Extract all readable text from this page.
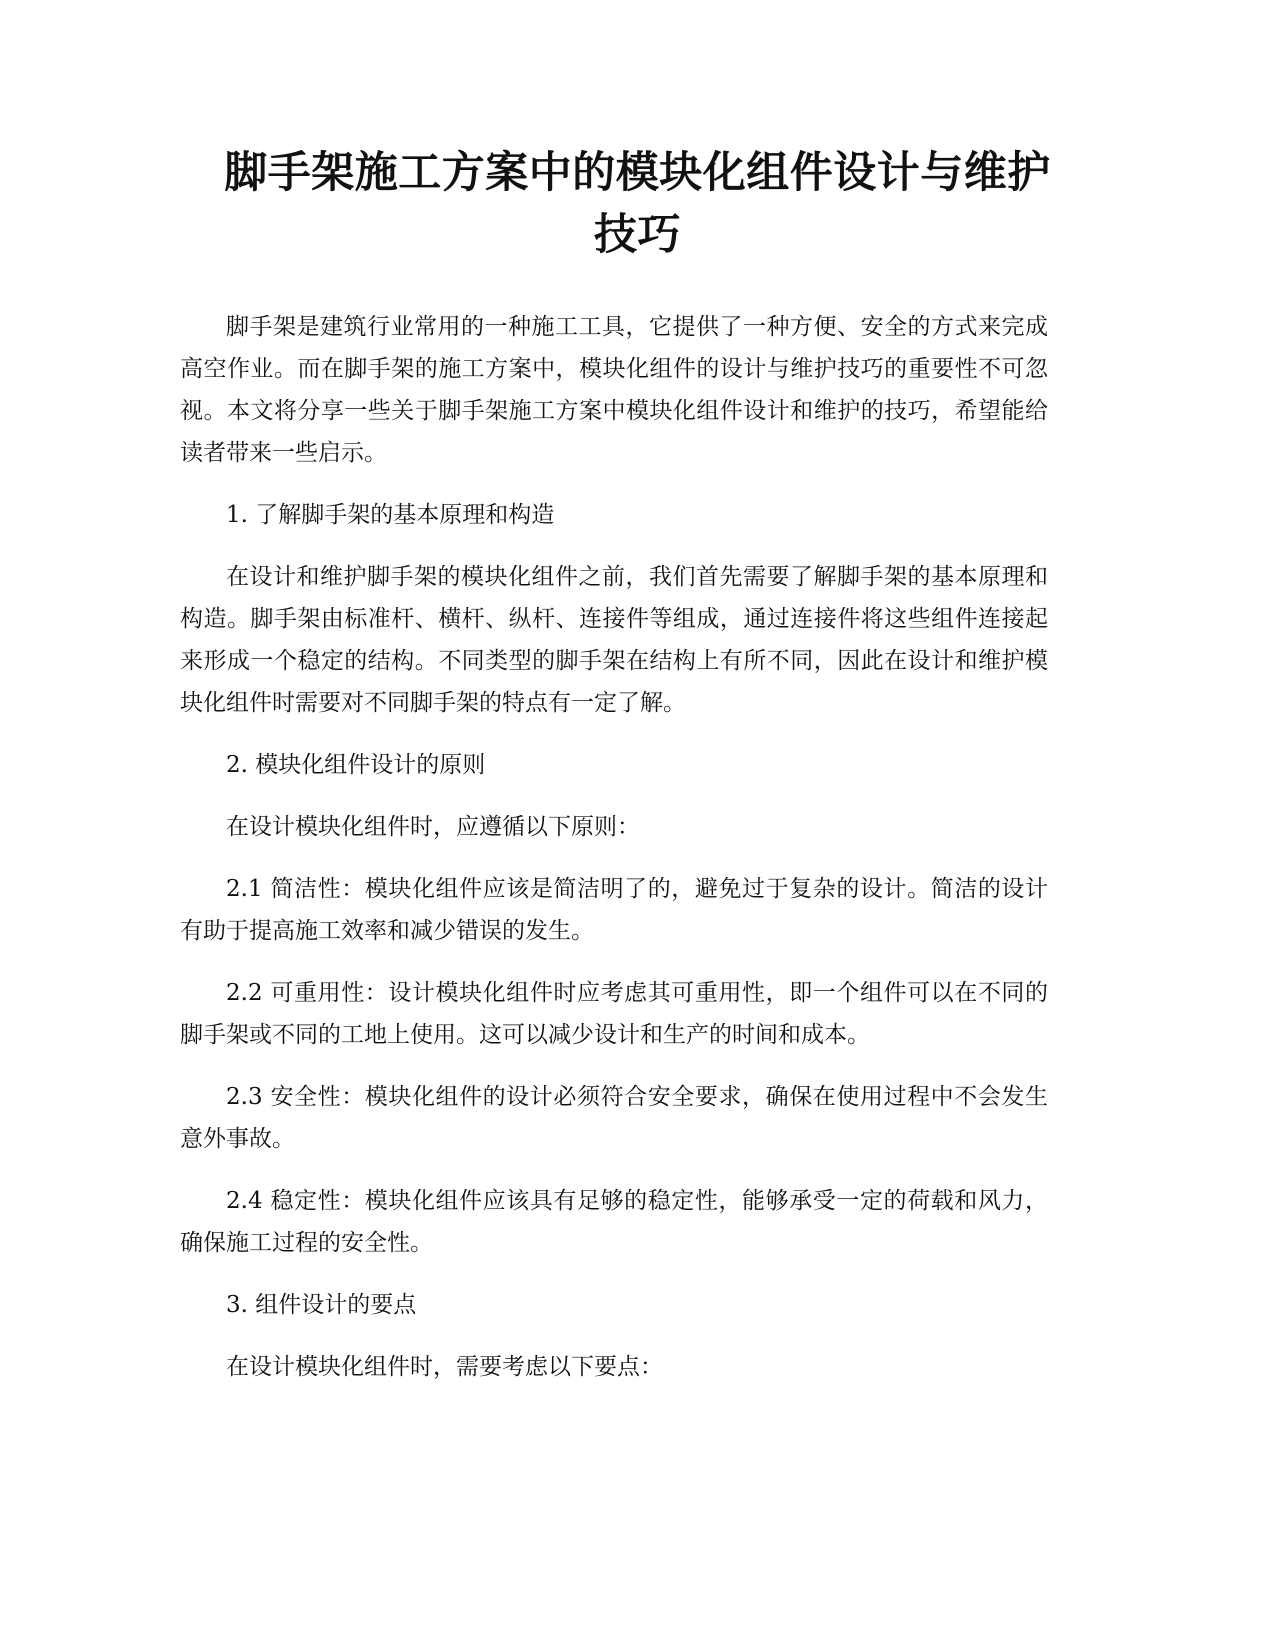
脚手架施工方案中的模块化组件设计与维护
技巧

脚手架是建筑行业常用的一种施工工具，它提供了一种方便、安全的方式来完成高空作业。而在脚手架的施工方案中，模块化组件的设计与维护技巧的重要性不可忽视。本文将分享一些关于脚手架施工方案中模块化组件设计和维护的技巧，希望能给读者带来一些启示。

1. 了解脚手架的基本原理和构造

在设计和维护脚手架的模块化组件之前，我们首先需要了解脚手架的基本原理和构造。脚手架由标准杆、横杆、纵杆、连接件等组成，通过连接件将这些组件连接起来形成一个稳定的结构。不同类型的脚手架在结构上有所不同，因此在设计和维护模块化组件时需要对不同脚手架的特点有一定了解。

2. 模块化组件设计的原则

在设计模块化组件时，应遵循以下原则：

2.1 简洁性：模块化组件应该是简洁明了的，避免过于复杂的设计。简洁的设计有助于提高施工效率和减少错误的发生。

2.2 可重用性：设计模块化组件时应考虑其可重用性，即一个组件可以在不同的脚手架或不同的工地上使用。这可以减少设计和生产的时间和成本。

2.3 安全性：模块化组件的设计必须符合安全要求，确保在使用过程中不会发生意外事故。

2.4 稳定性：模块化组件应该具有足够的稳定性，能够承受一定的荷载和风力，确保施工过程的安全性。

3. 组件设计的要点

在设计模块化组件时，需要考虑以下要点：
